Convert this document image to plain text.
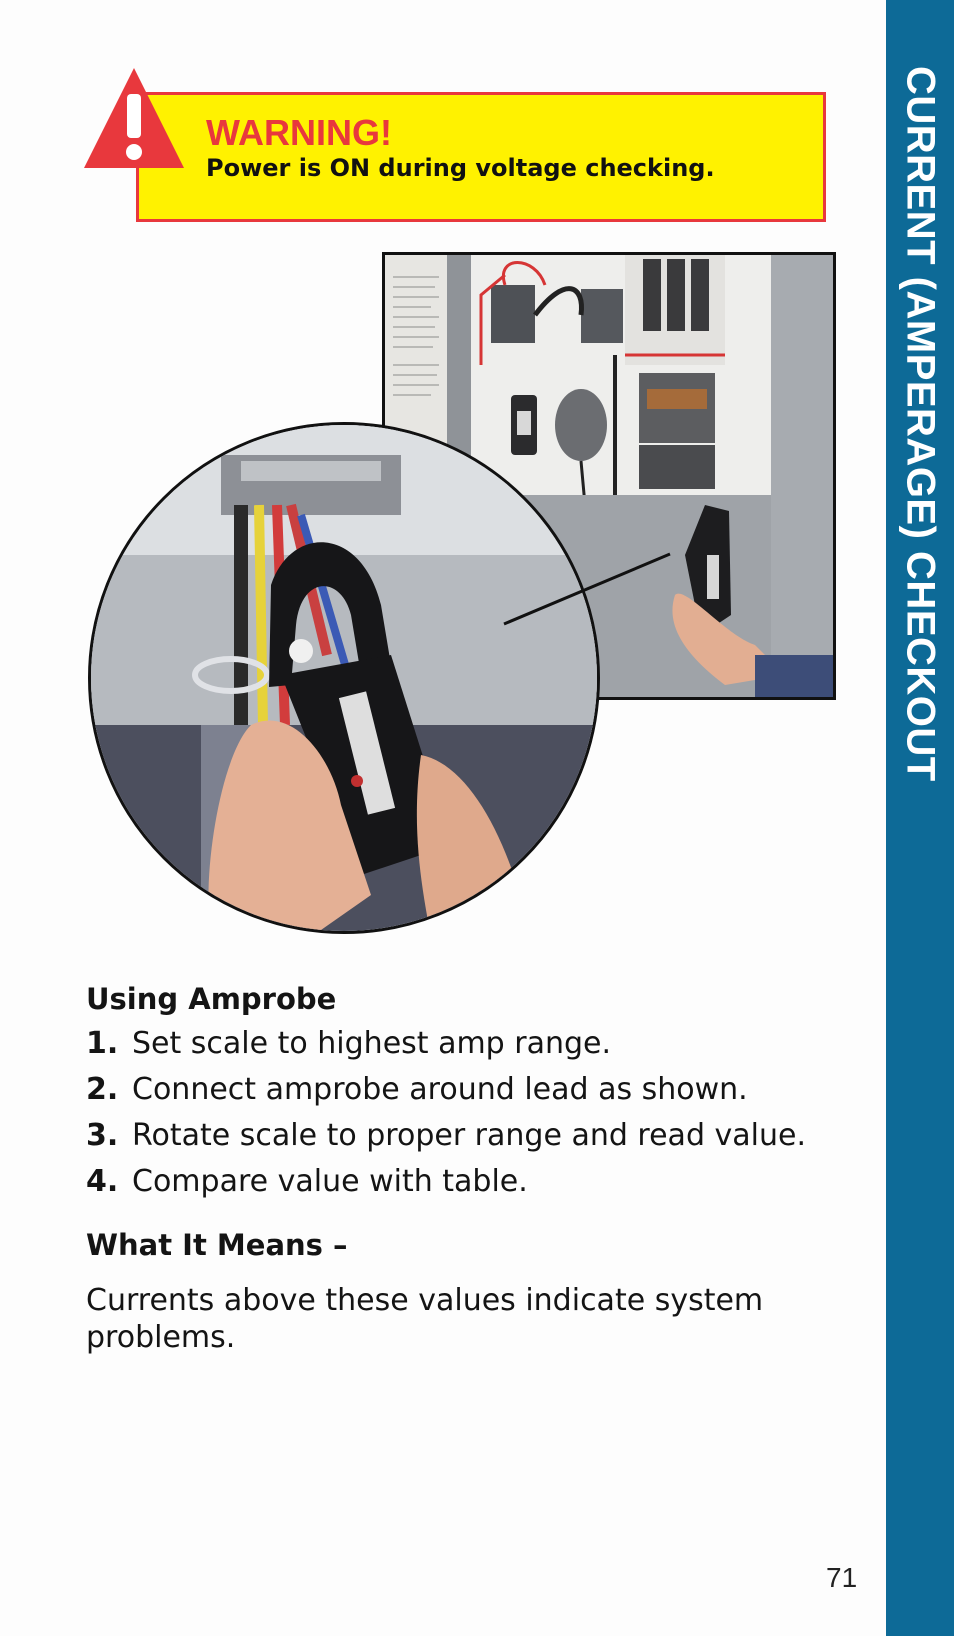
CURRENT (AMPERAGE) CHECKOUT
WARNING!
Power is ON during voltage checking.
Using Amprobe
1. Set scale to highest amp range.
2. Connect amprobe around lead as shown.
3. Rotate scale to proper range and read value.
4. Compare value with table.
What It Means –
Currents above these values indicate system problems.
71
